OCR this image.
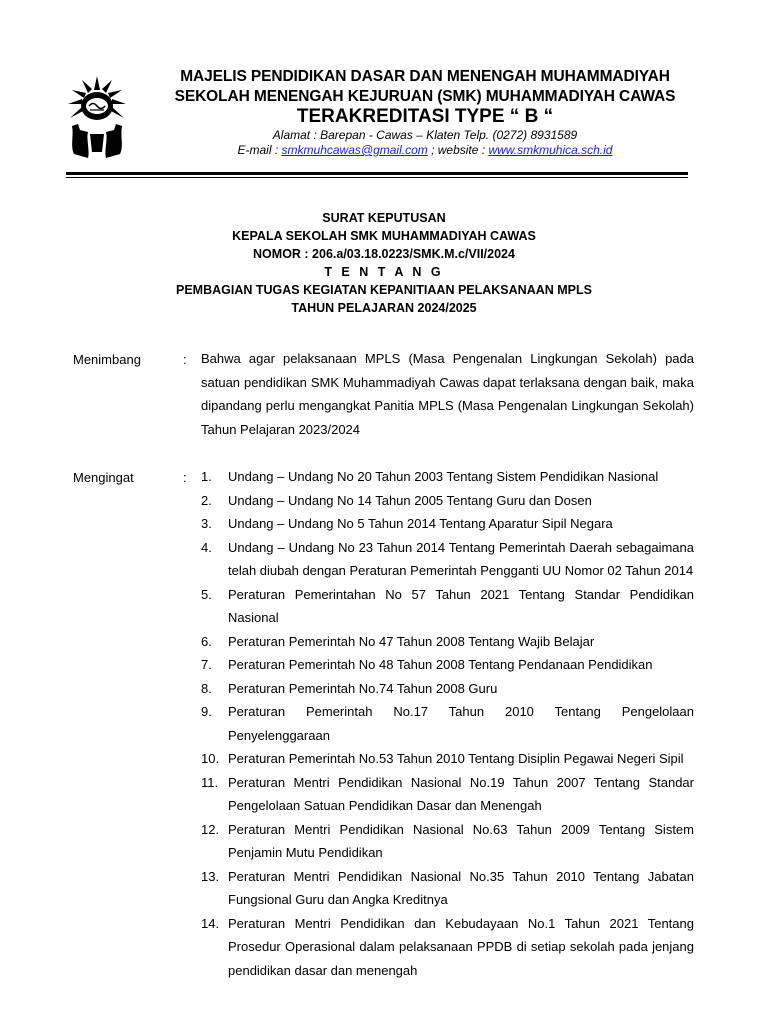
MAJELIS PENDIDIKAN DASAR DAN MENENGAH MUHAMMADIYAH
SEKOLAH MENENGAH KEJURUAN (SMK) MUHAMMADIYAH CAWAS
TERAKREDITASI TYPE “ B “
Alamat : Barepan - Cawas – Klaten Telp. (0272) 8931589
E-mail : smkmuhcawas@gmail.com ; website : www.smkmuhica.sch.id
SURAT KEPUTUSAN
KEPALA SEKOLAH SMK MUHAMMADIYAH CAWAS
NOMOR : 206.a/03.18.0223/SMK.M.c/VII/2024
T E N T A N G
PEMBAGIAN TUGAS KEGIATAN KEPANITIAAN PELAKSANAAN MPLS
TAHUN PELAJARAN 2024/2025
Menimbang	: Bahwa agar pelaksanaan MPLS (Masa Pengenalan Lingkungan Sekolah) pada satuan pendidikan SMK Muhammadiyah Cawas dapat terlaksana dengan baik, maka dipandang perlu mengangkat Panitia MPLS (Masa Pengenalan Lingkungan Sekolah) Tahun Pelajaran 2023/2024

Mengingat	: 1. Undang – Undang No 20 Tahun 2003 Tentang Sistem Pendidikan Nasional
2. Undang – Undang No 14 Tahun 2005 Tentang Guru dan Dosen
3. Undang – Undang No 5 Tahun 2014 Tentang Aparatur Sipil Negara
4. Undang – Undang No 23 Tahun 2014 Tentang Pemerintah Daerah sebagaimana telah diubah dengan Peraturan Pemerintah Pengganti UU Nomor 02 Tahun 2014
5. Peraturan Pemerintahan No 57 Tahun 2021 Tentang Standar Pendidikan Nasional
6. Peraturan Pemerintah No 47 Tahun 2008 Tentang Wajib Belajar
7. Peraturan Pemerintah No 48 Tahun 2008 Tentang Pendanaan Pendidikan
8. Peraturan Pemerintah No.74 Tahun 2008 Guru
9. Peraturan Pemerintah No.17 Tahun 2010 Tentang Pengelolaan Penyelenggaraan
10. Peraturan Pemerintah No.53 Tahun 2010 Tentang Disiplin Pegawai Negeri Sipil
11. Peraturan Mentri Pendidikan Nasional No.19 Tahun 2007 Tentang Standar Pengelolaan Satuan Pendidikan Dasar dan Menengah
12. Peraturan Mentri Pendidikan Nasional No.63 Tahun 2009 Tentang Sistem Penjamin Mutu Pendidikan
13. Peraturan Mentri Pendidikan Nasional No.35 Tahun 2010 Tentang Jabatan Fungsional Guru dan Angka Kreditnya
14. Peraturan Mentri Pendidikan dan Kebudayaan No.1 Tahun 2021 Tentang Prosedur Operasional dalam pelaksanaan PPDB di setiap sekolah pada jenjang pendidikan dasar dan menengah
